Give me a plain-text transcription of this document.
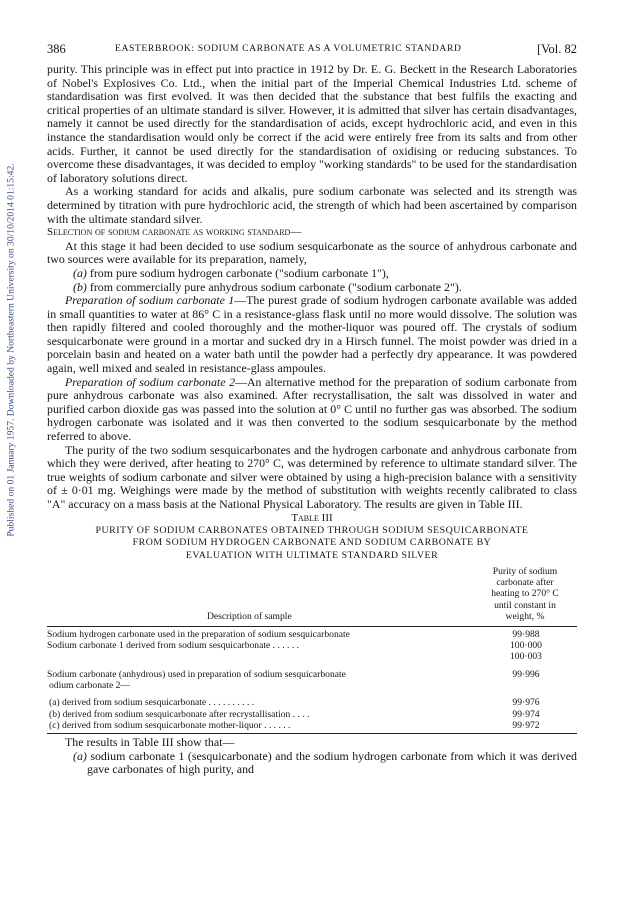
Published on 01 January 1957. Downloaded by Northeastern University on 30/10/2014 01:15:42.
386	EASTERBROOK: SODIUM CARBONATE AS A VOLUMETRIC STANDARD	[Vol. 82

purity. This principle was in effect put into practice in 1912 by Dr. E. G. Beckett in the Research Laboratories of Nobel's Explosives Co. Ltd., when the initial part of the Imperial Chemical Industries Ltd. scheme of standardisation was first evolved. It was then decided that the substance that best fulfils the exacting and critical properties of an ultimate standard is silver. However, it is admitted that silver has certain disadvantages, namely it cannot be used directly for the standardisation of acids, except hydrochloric acid, and even in this instance the standardisation would only be correct if the acid were entirely free from its salts and from other acids. Further, it cannot be used directly for the standardisation of oxidising or reducing substances. To overcome these disadvantages, it was decided to employ "working standards" to be used for the standardisation of laboratory solutions direct.

As a working standard for acids and alkalis, pure sodium carbonate was selected and its strength was determined by titration with pure hydrochloric acid, the strength of which had been ascertained by comparison with the ultimate standard silver.

Selection of sodium carbonate as working standard—

At this stage it had been decided to use sodium sesquicarbonate as the source of anhydrous carbonate and two sources were available for its preparation, namely,

(a) from pure sodium hydrogen carbonate ("sodium carbonate 1"),

(b) from commercially pure anhydrous sodium carbonate ("sodium carbonate 2").

Preparation of sodium carbonate 1—The purest grade of sodium hydrogen carbonate available was added in small quantities to water at 86° C in a resistance-glass flask until no more would dissolve. The solution was then rapidly filtered and cooled thoroughly and the mother-liquor was poured off. The crystals of sodium sesquicarbonate were ground in a mortar and sucked dry in a Hirsch funnel. The moist powder was dried in a porcelain basin and heated on a water bath until the powder had a perfectly dry appearance. It was powdered again, well mixed and sealed in resistance-glass ampoules.

Preparation of sodium carbonate 2—An alternative method for the preparation of sodium carbonate from pure anhydrous carbonate was also examined. After recrystallisation, the salt was dissolved in water and purified carbon dioxide gas was passed into the solution at 0° C until no further gas was absorbed. The sodium hydrogen carbonate was isolated and it was then converted to the sodium sesquicarbonate by the method referred to above.

The purity of the two sodium sesquicarbonates and the hydrogen carbonate and anhydrous carbonate from which they were derived, after heating to 270° C, was determined by reference to ultimate standard silver. The true weights of sodium carbonate and silver were obtained by using a high-precision balance with a sensitivity of ± 0·01 mg. Weighings were made by the method of substitution with weights recently calibrated to class "A" accuracy on a mass basis at the National Physical Laboratory. The results are given in Table III.

Table III

PURITY OF SODIUM CARBONATES OBTAINED THROUGH SODIUM SESQUICARBONATE
FROM SODIUM HYDROGEN CARBONATE AND SODIUM CARBONATE BY
EVALUATION WITH ULTIMATE STANDARD SILVER
Description of sample
Purity of sodium
carbonate after
heating to 270° C
until constant in
weight, %
Sodium hydrogen carbonate used in the preparation of sodium sesquicarbonate	99·988
Sodium carbonate 1 derived from sodium sesquicarbonate . . . . . .	100·000
100·003
Sodium carbonate (anhydrous) used in preparation of sodium sesquicarbonate	99·996
odium carbonate 2—
(a) derived from sodium sesquicarbonate . . . . . . . . . .	99·976
(b) derived from sodium sesquicarbonate after recrystallisation . . . .	99·974
(c) derived from sodium sesquicarbonate mother-liquor . . . . . .	99·972

The results in Table III show that—

(a) sodium carbonate 1 (sesquicarbonate) and the sodium hydrogen carbonate from which it was derived gave carbonates of high purity, and
